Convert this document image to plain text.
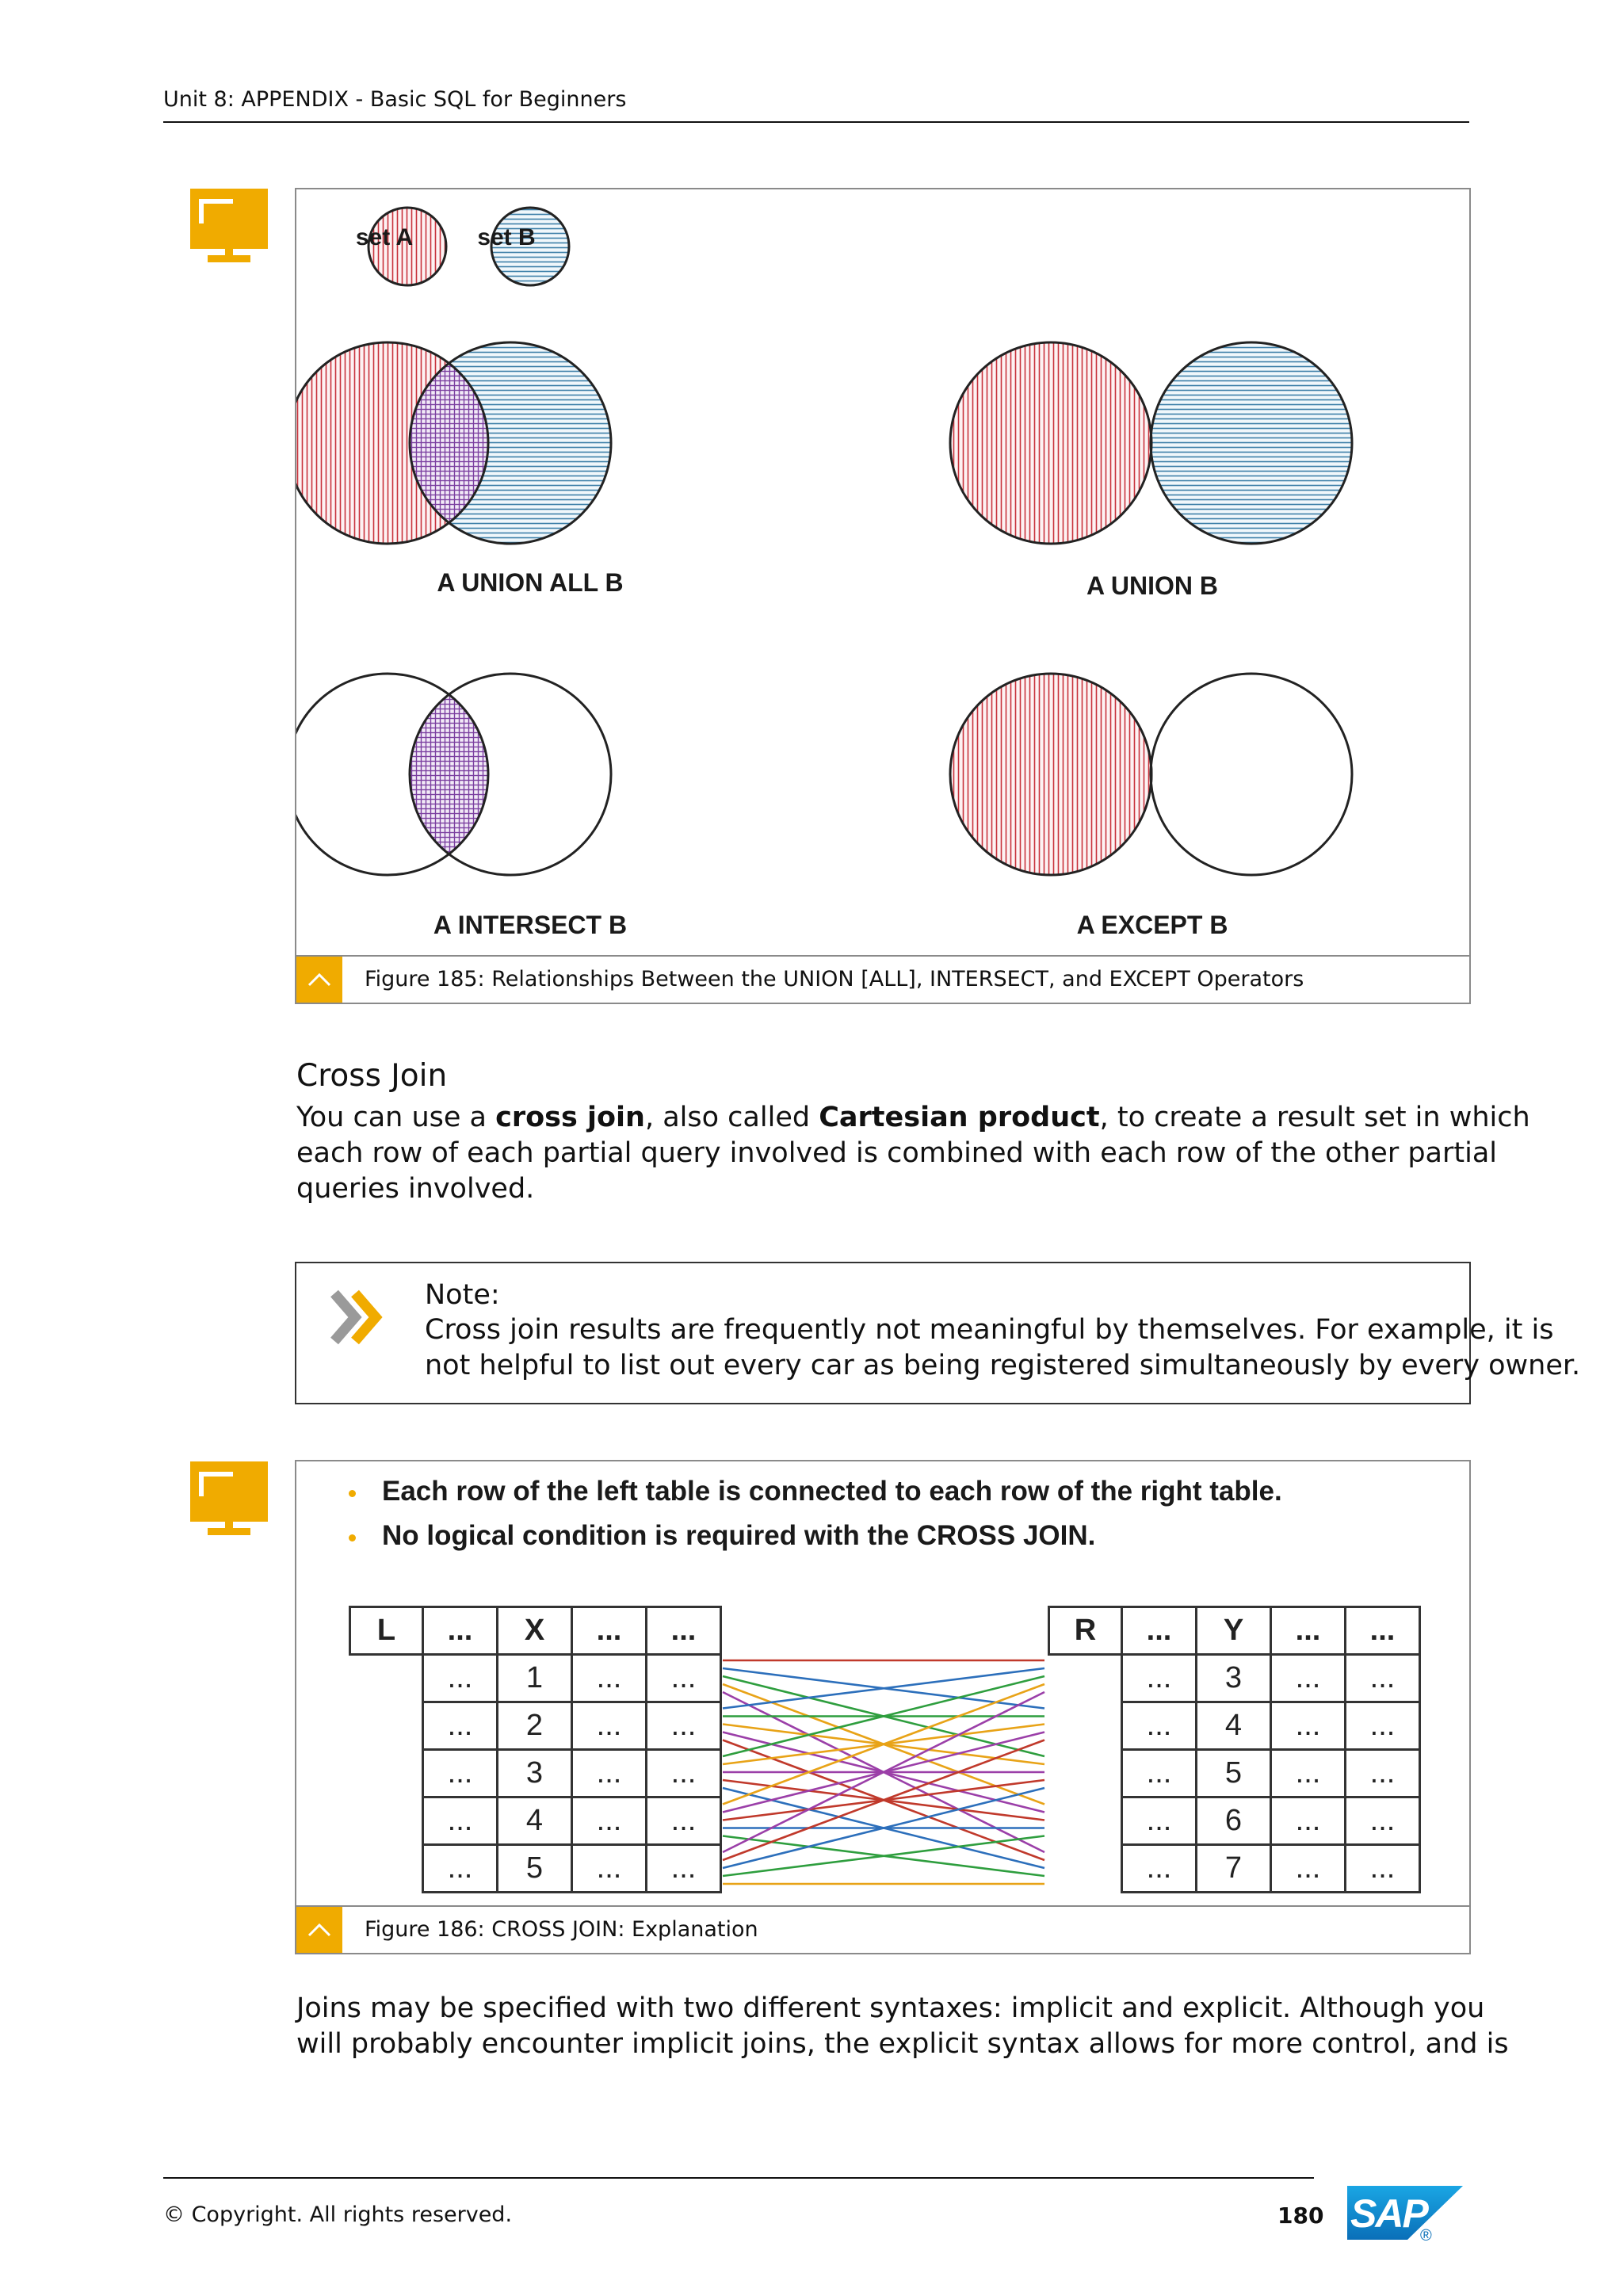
Unit 8: APPENDIX - Basic SQL for Beginners
set A	set B
A UNION ALL B	A UNION B
A INTERSECT B	A EXCEPT B
Figure 185: Relationships Between the UNION [ALL], INTERSECT, and EXCEPT Operators
Cross Join
You can use a cross join, also called Cartesian product, to create a result set in which each row of each partial query involved is combined with each row of the other partial queries involved.
Note:
Cross join results are frequently not meaningful by themselves. For example, it is not helpful to list out every car as being registered simultaneously by every owner.
Each row of the left table is connected to each row of the right table.
No logical condition is required with the CROSS JOIN.
L	...	X	...	...
	...	1	...	...
	...	2	...	...
	...	3	...	...
	...	4	...	...
	...	5	...	...
R	...	Y	...	...
	...	3	...	...
	...	4	...	...
	...	5	...	...
	...	6	...	...
	...	7	...	...
Figure 186: CROSS JOIN: Explanation
Joins may be specified with two different syntaxes: implicit and explicit. Although you will probably encounter implicit joins, the explicit syntax allows for more control, and is
© Copyright. All rights reserved.	180 SAP
®
